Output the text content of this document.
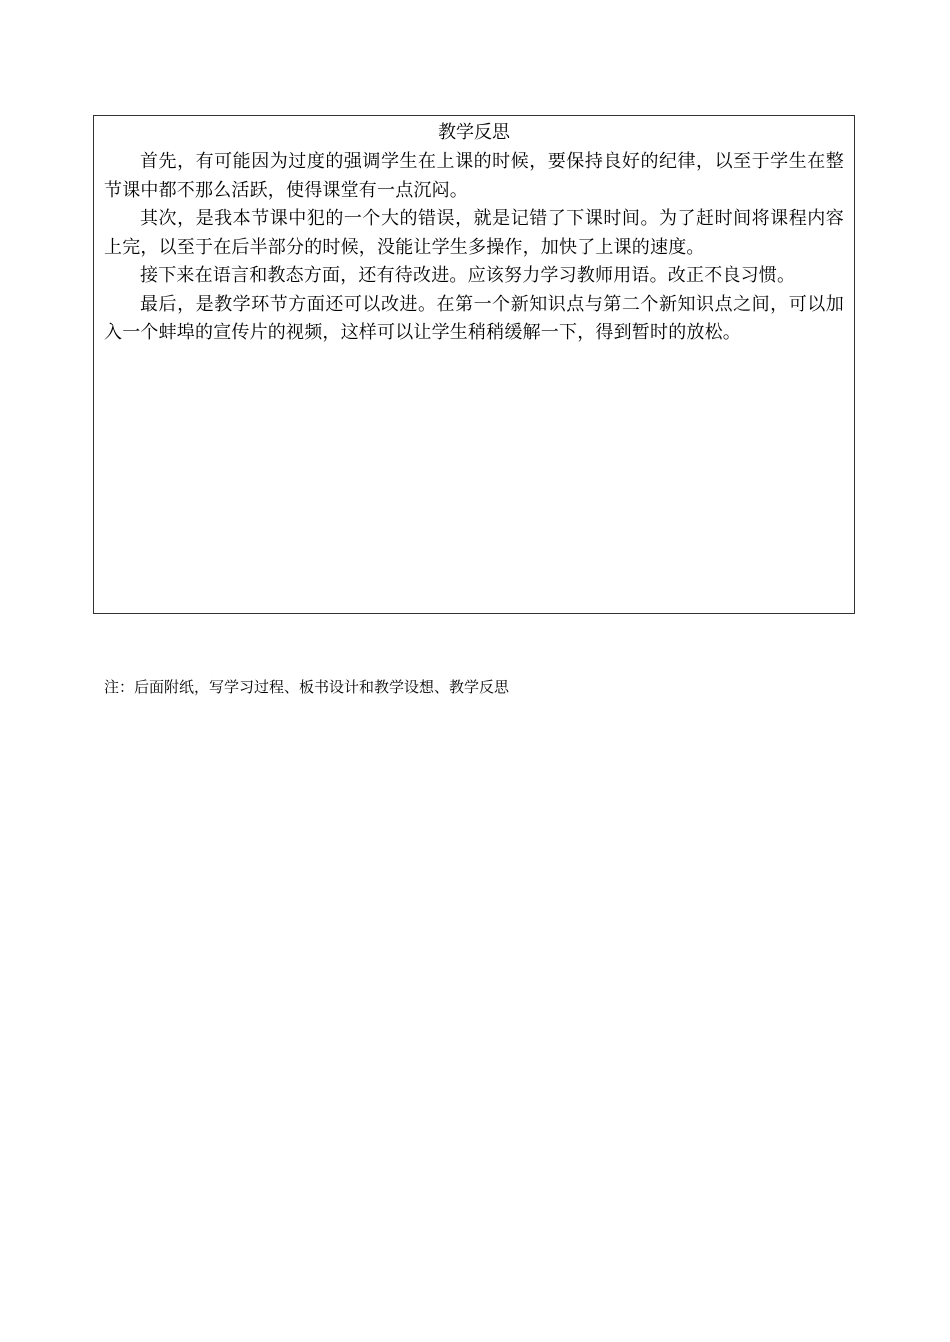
教学反思

首先，有可能因为过度的强调学生在上课的时候，要保持良好的纪律，以至于学生在整节课中都不那么活跃，使得课堂有一点沉闷。

其次，是我本节课中犯的一个大的错误，就是记错了下课时间。为了赶时间将课程内容上完，以至于在后半部分的时候，没能让学生多操作，加快了上课的速度。

接下来在语言和教态方面，还有待改进。应该努力学习教师用语。改正不良习惯。

最后，是教学环节方面还可以改进。在第一个新知识点与第二个新知识点之间，可以加入一个蚌埠的宣传片的视频，这样可以让学生稍稍缓解一下，得到暂时的放松。

注：后面附纸，写学习过程、板书设计和教学设想、教学反思
